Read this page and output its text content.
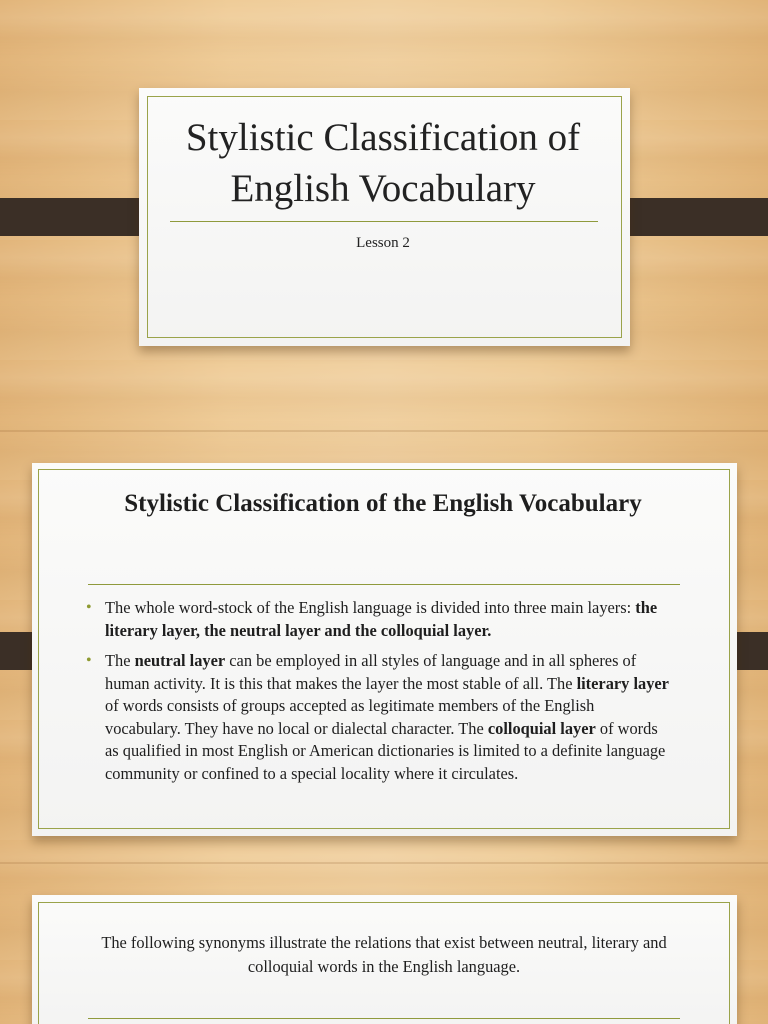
Stylistic Classification of English Vocabulary
Lesson 2
Stylistic Classification of the English Vocabulary
• The whole word-stock of the English language is divided into three main layers: the literary layer, the neutral layer and the colloquial layer.
• The neutral layer can be employed in all styles of language and in all spheres of human activity. It is this that makes the layer the most stable of all. The literary layer of words consists of groups accepted as legitimate members of the English vocabulary. They have no local or dialectal character. The colloquial layer of words as qualified in most English or American dictionaries is limited to a definite language community or confined to a special locality where it circulates.
The following synonyms illustrate the relations that exist between neutral, literary and colloquial words in the English language.
